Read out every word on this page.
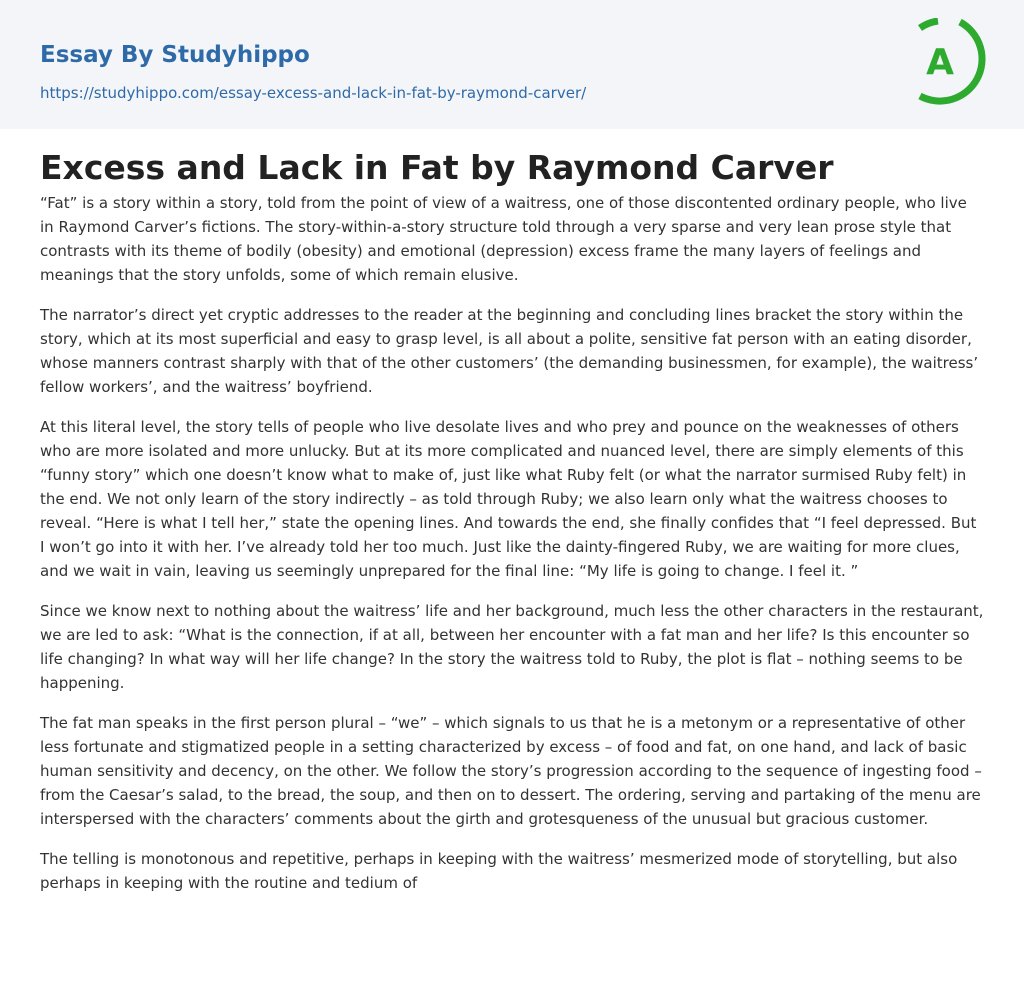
Essay By Studyhippo
https://studyhippo.com/essay-excess-and-lack-in-fat-by-raymond-carver/
A
Excess and Lack in Fat by Raymond Carver

“Fat” is a story within a story, told from the point of view of a waitress, one of those discontented ordinary people, who live in Raymond Carver’s fictions. The story-within-a-story structure told through a very sparse and very lean prose style that contrasts with its theme of bodily (obesity) and emotional (depression) excess frame the many layers of feelings and meanings that the story unfolds, some of which remain elusive.

The narrator’s direct yet cryptic addresses to the reader at the beginning and concluding lines bracket the story within the story, which at its most superficial and easy to grasp level, is all about a polite, sensitive fat person with an eating disorder, whose manners contrast sharply with that of the other customers’ (the demanding businessmen, for example), the waitress’ fellow workers’, and the waitress’ boyfriend.

At this literal level, the story tells of people who live desolate lives and who prey and pounce on the weaknesses of others who are more isolated and more unlucky. But at its more complicated and nuanced level, there are simply elements of this “funny story” which one doesn’t know what to make of, just like what Ruby felt (or what the narrator surmised Ruby felt) in the end. We not only learn of the story indirectly – as told through Ruby; we also learn only what the waitress chooses to reveal. “Here is what I tell her,” state the opening lines. And towards the end, she finally confides that “I feel depressed. But I won’t go into it with her. I’ve already told her too much. Just like the dainty-fingered Ruby, we are waiting for more clues, and we wait in vain, leaving us seemingly unprepared for the final line: “My life is going to change. I feel it. ”

Since we know next to nothing about the waitress’ life and her background, much less the other characters in the restaurant, we are led to ask: “What is the connection, if at all, between her encounter with a fat man and her life? Is this encounter so life changing? In what way will her life change? In the story the waitress told to Ruby, the plot is flat – nothing seems to be happening.

The fat man speaks in the first person plural – “we” – which signals to us that he is a metonym or a representative of other less fortunate and stigmatized people in a setting characterized by excess – of food and fat, on one hand, and lack of basic human sensitivity and decency, on the other. We follow the story’s progression according to the sequence of ingesting food – from the Caesar’s salad, to the bread, the soup, and then on to dessert. The ordering, serving and partaking of the menu are interspersed with the characters’ comments about the girth and grotesqueness of the unusual but gracious customer.

The telling is monotonous and repetitive, perhaps in keeping with the waitress’ mesmerized mode of storytelling, but also perhaps in keeping with the routine and tedium of
